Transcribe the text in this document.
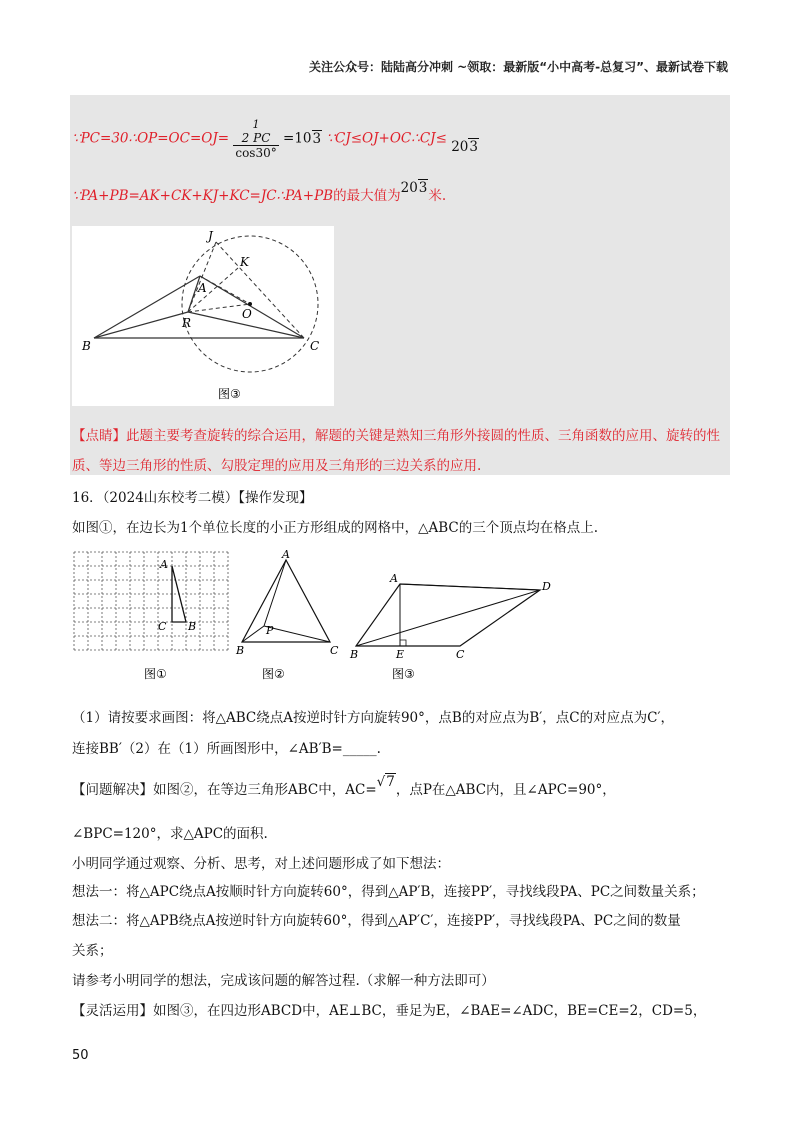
关注公众号：陆陆高分冲刺 ~领取：最新版“小中高考-总复习”、最新试卷下载
∵PC=30∴OP=OC=OJ=
1
2 PC
cos30°
=103 ∵CJ≤OJ+OC∴CJ≤ 203
∵PA+PB=AK+CK+KJ+KC=JC∴PA+PB的最大值为203米.
J
K
A
O
R
B	C
图③
【点睛】此题主要考查旋转的综合运用，解题的关键是熟知三角形外接圆的性质、三角函数的应用、旋转的性质、等边三角形的性质、勾股定理的应用及三角形的三边关系的应用.
16．（2024山东校考二模）【操作发现】
如图①，在边长为1个单位长度的小正方形组成的网格中，△ABC的三个顶点均在格点上.
A
C B
图①
A
B	C
P
图②
A
B	E	C
D
图③
（1）请按要求画图：将△ABC绕点A按逆时针方向旋转90°，点B的对应点为B′，点C的对应点为C′，
连接BB′（2）在（1）所画图形中，∠AB′B=_____.
【问题解决】如图②，在等边三角形ABC中，AC=√7，点P在△ABC内，且∠APC=90°，
∠BPC=120°，求△APC的面积.
小明同学通过观察、分析、思考，对上述问题形成了如下想法：
想法一：将△APC绕点A按顺时针方向旋转60°，得到△AP′B，连接PP′，寻找线段PA、PC之间数量关系；
想法二：将△APB绕点A按逆时针方向旋转60°，得到△AP′C′，连接PP′，寻找线段PA、PC之间的数量
关系；
请参考小明同学的想法，完成该问题的解答过程.（求解一种方法即可）
【灵活运用】如图③，在四边形ABCD中，AE⊥BC，垂足为E，∠BAE=∠ADC，BE=CE=2，CD=5，
50
